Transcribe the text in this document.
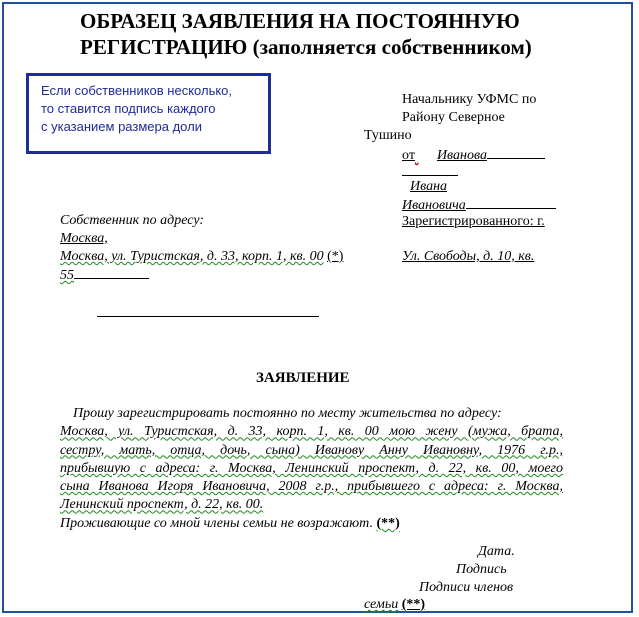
ОБРАЗЕЦ ЗАЯВЛЕНИЯ НА ПОСТОЯННУЮ
РЕГИСТРАЦИЮ (заполняется собственником)
Если собственников несколько,
то ставится подпись каждого
с указанием размера доли
Начальнику УФМС по
Району Северное
Тушино
от Иванова
Ивана
Ивановича
Зарегистрированного: г.
Ул. Свободы, д. 10, кв.
Собственник по адресу:
Москва,
Москва, ул. Туристская, д. 33, корп. 1, кв. 00 (*)
55
ЗАЯВЛЕНИЕ
Прошу зарегистрировать постоянно по месту жительства по адресу:
Москва, ул. Туристская, д. 33, корп. 1, кв. 00 мою жену (мужа, брата,
сестру, мать, отца, дочь, сына) Иванову Анну Ивановну, 1976 г.р.,
прибывшую с адреса: г. Москва, Ленинский проспект, д. 22, кв. 00, моего
сына Иванова Игоря Ивановича, 2008 г.р., прибывшего с адреса: г. Москва,
Ленинский проспект, д. 22, кв. 00.
Проживающие со мной члены семьи не возражают. (**)
Дата.
Подпись
Подписи членов
семьи (**)
